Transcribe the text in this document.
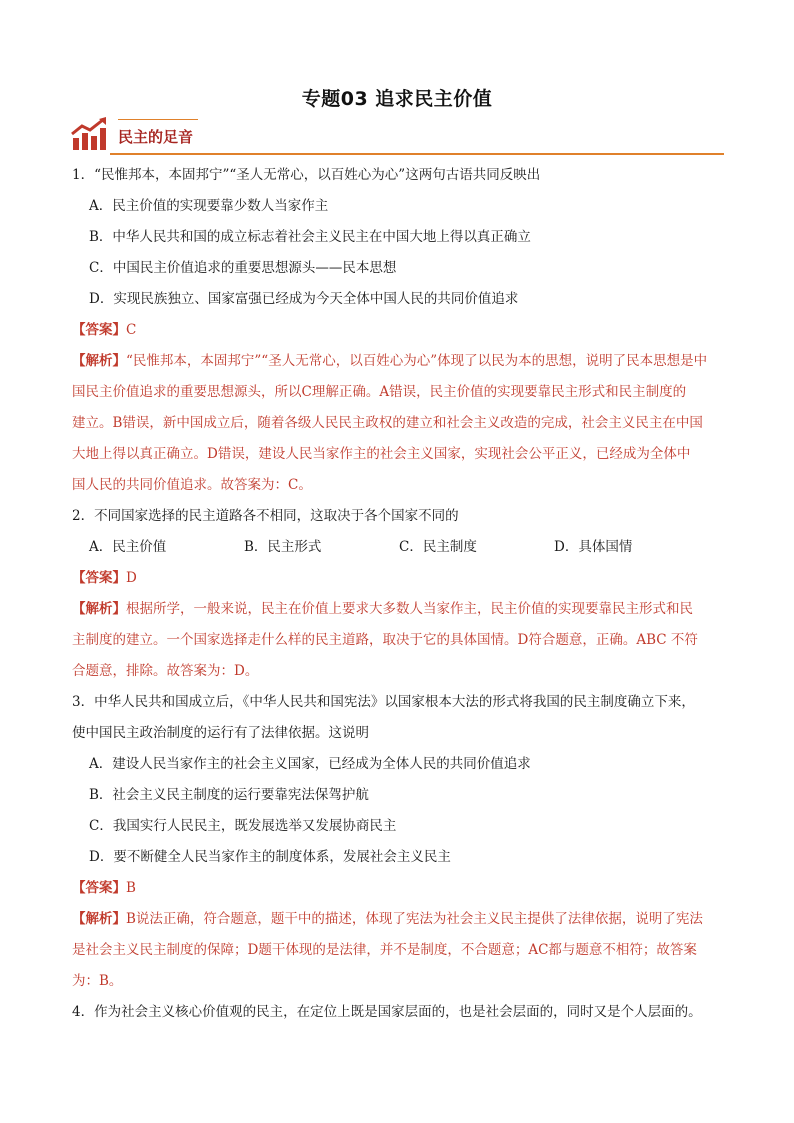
专题03 追求民主价值
民主的足音
1．“民惟邦本，本固邦宁”“圣人无常心，以百姓心为心”这两句古语共同反映出
A．民主价值的实现要靠少数人当家作主
B．中华人民共和国的成立标志着社会主义民主在中国大地上得以真正确立
C．中国民主价值追求的重要思想源头——民本思想
D．实现民族独立、国家富强已经成为今天全体中国人民的共同价值追求
【答案】C
【解析】“民惟邦本，本固邦宁”“圣人无常心，以百姓心为心”体现了以民为本的思想，说明了民本思想是中
国民主价值追求的重要思想源头，所以C理解正确。A错误，民主价值的实现要靠民主形式和民主制度的
建立。B错误，新中国成立后，随着各级人民民主政权的建立和社会主义改造的完成，社会主义民主在中国
大地上得以真正确立。D错误，建设人民当家作主的社会主义国家，实现社会公平正义，已经成为全体中
国人民的共同价值追求。故答案为：C。
2．不同国家选择的民主道路各不相同，这取决于各个国家不同的
A．民主价值	B．民主形式	C．民主制度	D．具体国情
【答案】D
【解析】根据所学，一般来说，民主在价值上要求大多数人当家作主，民主价值的实现要靠民主形式和民
主制度的建立。一个国家选择走什么样的民主道路，取决于它的具体国情。D符合题意，正确。ABC 不符
合题意，排除。故答案为：D。
3．中华人民共和国成立后，《中华人民共和国宪法》以国家根本大法的形式将我国的民主制度确立下来，
使中国民主政治制度的运行有了法律依据。这说明
A．建设人民当家作主的社会主义国家，已经成为全体人民的共同价值追求
B．社会主义民主制度的运行要靠宪法保驾护航
C．我国实行人民民主，既发展选举又发展协商民主
D．要不断健全人民当家作主的制度体系，发展社会主义民主
【答案】B
【解析】B说法正确，符合题意，题干中的描述，体现了宪法为社会主义民主提供了法律依据，说明了宪法
是社会主义民主制度的保障；D题干体现的是法律，并不是制度，不合题意；AC都与题意不相符；故答案
为：B。
4．作为社会主义核心价值观的民主，在定位上既是国家层面的，也是社会层面的，同时又是个人层面的。
